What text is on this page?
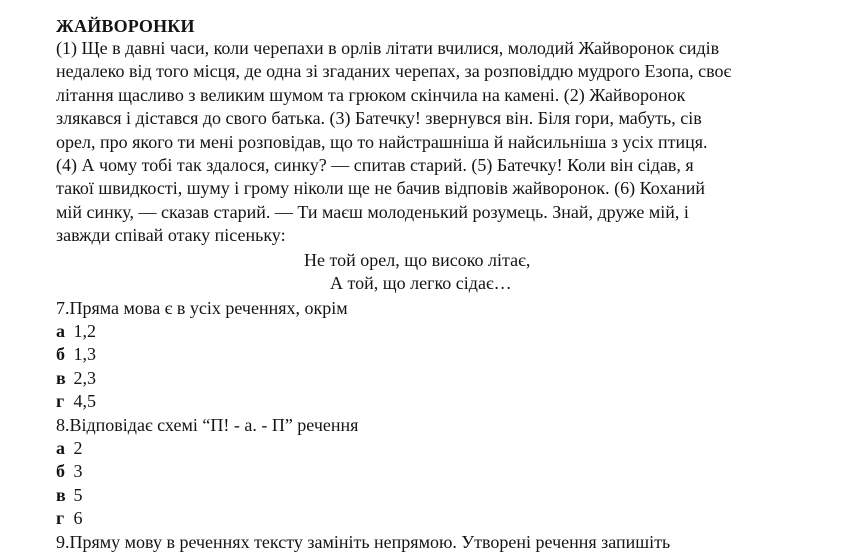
ЖАЙВОРОНКИ
(1) Ще в давні часи, коли черепахи в орлів літати вчилися, молодий Жайворонок сидів
недалеко від того місця, де одна зі згаданих черепах, за розповіддю мудрого Езопа, своє
літання щасливо з великим шумом та грюком скінчила на камені. (2) Жайворонок
злякався і дістався до свого батька. (3) Батечку! звернувся він. Біля гори, мабуть, сів
орел, про якого ти мені розповідав, що то найстрашніша й найсильніша з усіх птиця.
(4) А чому тобі так здалося, синку? — спитав старий. (5) Батечку! Коли він сідав, я
такої швидкості, шуму і грому ніколи ще не бачив відповів жайворонок. (6) Коханий
мій синку, — сказав старий. — Ти маєш молоденький розумець. Знай, друже мій, і
завжди співай отаку пісеньку:
Не той орел, що високо літає,
А той, що легко сідає…
7.Пряма мова є в усіх реченнях, окрім
а 1,2
б 1,3
в 2,3
г 4,5
8.Відповідає схемі “П! - а. - П” речення
а 2
б 3
в 5
г 6
9.Пряму мову в реченнях тексту замініть непрямою. Утворені речення запишіть
